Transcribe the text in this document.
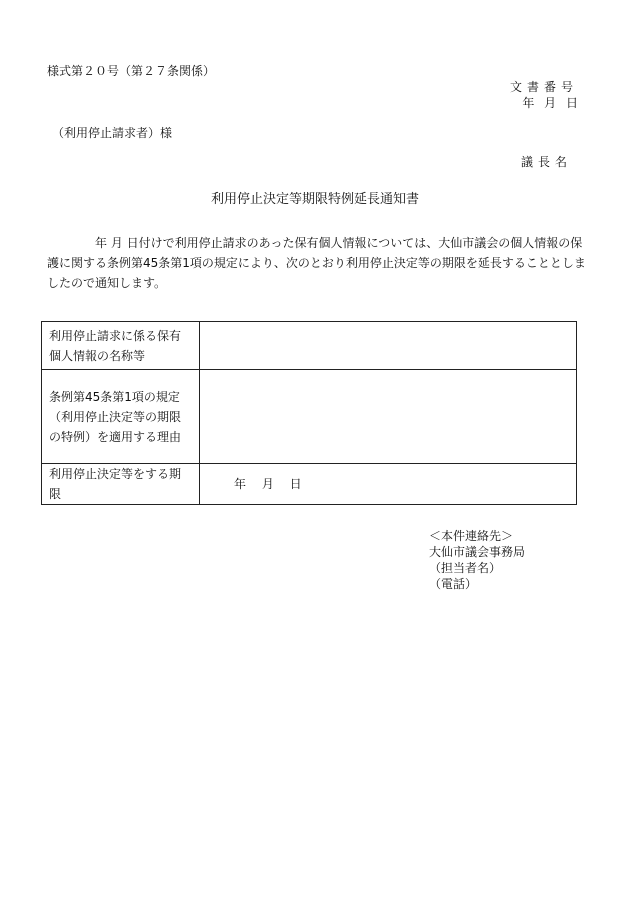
様式第２０号（第２７条関係）
文書番号
年 月 日
（利用停止請求者）様
議長名
利用停止決定等期限特例延長通知書
年 月 日付けで利用停止請求のあった保有個人情報については、大仙市議会の個人情報の保護に関する条例第45条第1項の規定により、次のとおり利用停止決定等の期限を延長することとしましたので通知します。
利用停止請求に係る保有個人情報の名称等	
条例第45条第1項の規定（利用停止決定等の期限の特例）を適用する理由	
利用停止決定等をする期限	年 月 日
＜本件連絡先＞
大仙市議会事務局
（担当者名）
（電話）
